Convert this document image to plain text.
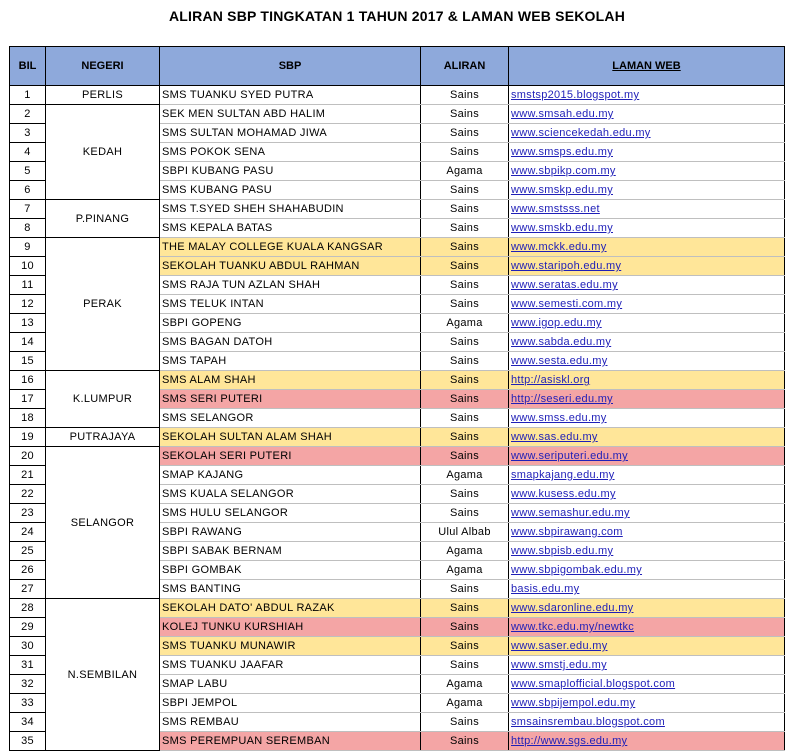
ALIRAN SBP TINGKATAN 1 TAHUN 2017 & LAMAN WEB SEKOLAH
BIL	NEGERI	SBP	ALIRAN	LAMAN WEB
1	PERLIS	SMS TUANKU SYED PUTRA	Sains	smstsp2015.blogspot.my
2	KEDAH	SEK MEN SULTAN ABD HALIM	Sains	www.smsah.edu.my
3		SMS SULTAN MOHAMAD JIWA	Sains	www.sciencekedah.edu.my
4		SMS POKOK SENA	Sains	www.smsps.edu.my
5		SBPI KUBANG PASU	Agama	www.sbpikp.com.my
6		SMS KUBANG PASU	Sains	www.smskp.edu.my
7	P.PINANG	SMS T.SYED SHEH SHAHABUDIN	Sains	www.smstsss.net
8		SMS KEPALA BATAS	Sains	www.smskb.edu.my
9	PERAK	THE MALAY COLLEGE KUALA KANGSAR	Sains	www.mckk.edu.my
10		SEKOLAH TUANKU ABDUL RAHMAN	Sains	www.staripoh.edu.my
11		SMS RAJA TUN AZLAN SHAH	Sains	www.seratas.edu.my
12		SMS TELUK INTAN	Sains	www.semesti.com.my
13		SBPI GOPENG	Agama	www.igop.edu.my
14		SMS BAGAN DATOH	Sains	www.sabda.edu.my
15		SMS TAPAH	Sains	www.sesta.edu.my
16	K.LUMPUR	SMS ALAM SHAH	Sains	http://asiskl.org
17		SMS SERI PUTERI	Sains	http://seseri.edu.my
18		SMS SELANGOR	Sains	www.smss.edu.my
19	PUTRAJAYA	SEKOLAH SULTAN ALAM SHAH	Sains	www.sas.edu.my
20	SELANGOR	SEKOLAH SERI PUTERI	Sains	www.seriputeri.edu.my
21		SMAP KAJANG	Agama	smapkajang.edu.my
22		SMS KUALA SELANGOR	Sains	www.kusess.edu.my
23		SMS HULU SELANGOR	Sains	www.semashur.edu.my
24		SBPI RAWANG	Ulul Albab	www.sbpirawang.com
25		SBPI SABAK BERNAM	Agama	www.sbpisb.edu.my
26		SBPI GOMBAK	Agama	www.sbpigombak.edu.my
27		SMS BANTING	Sains	basis.edu.my
28	N.SEMBILAN	SEKOLAH DATO' ABDUL RAZAK	Sains	www.sdaronline.edu.my
29		KOLEJ TUNKU KURSHIAH	Sains	www.tkc.edu.my/newtkc
30		SMS TUANKU MUNAWIR	Sains	www.saser.edu.my
31		SMS TUANKU JAAFAR	Sains	www.smstj.edu.my
32		SMAP LABU	Agama	www.smaplofficial.blogspot.com
33		SBPI JEMPOL	Agama	www.sbpijempol.edu.my
34		SMS REMBAU	Sains	smsainsrembau.blogspot.com
35		SMS PEREMPUAN SEREMBAN	Sains	http://www.sgs.edu.my
